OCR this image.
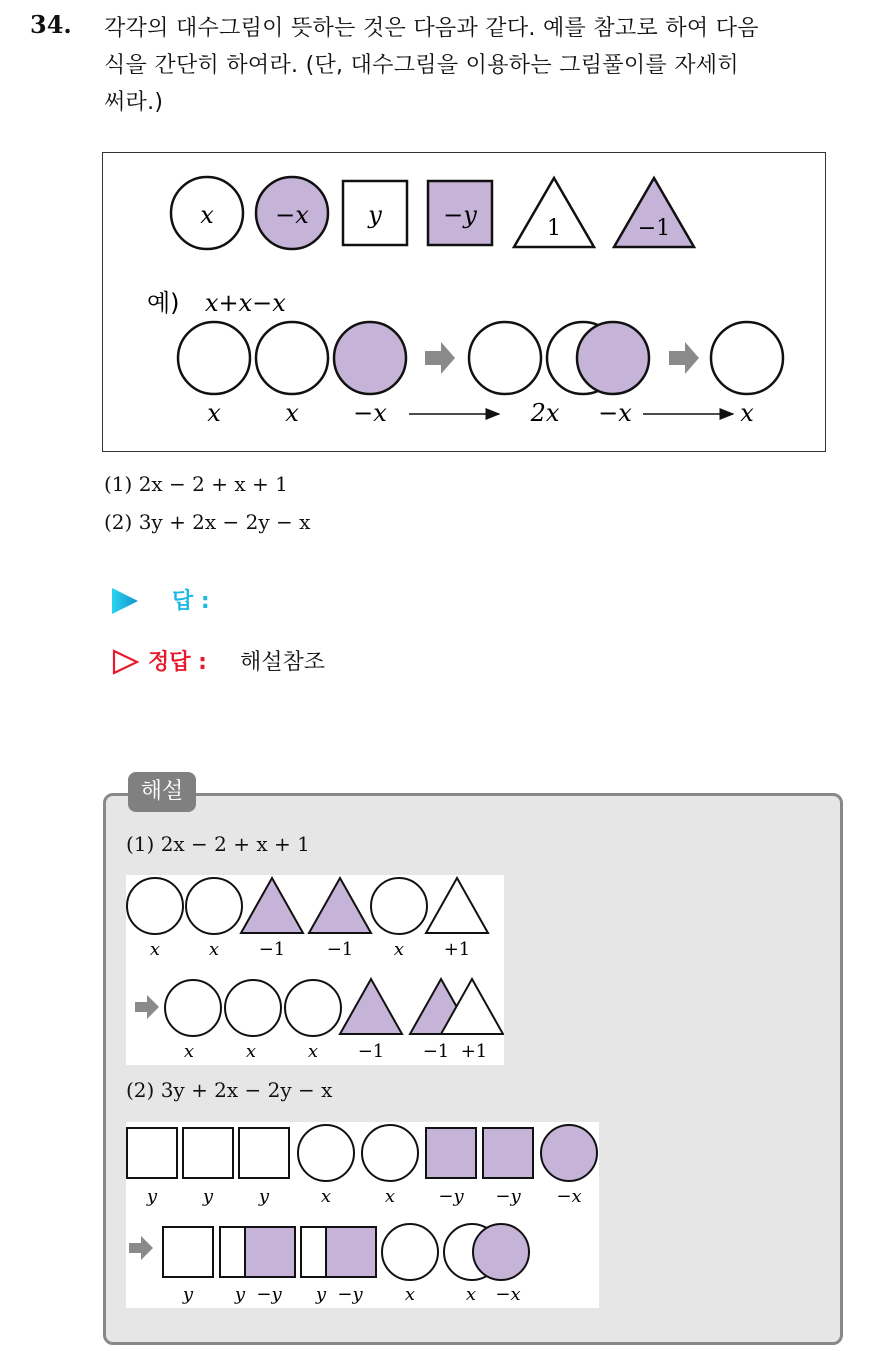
34. 각각의 대수그림이 뜻하는 것은 다음과 같다. 예를 참고로 하여 다음
식을 간단히 하여라. (단, 대수그림을 이용하는 그림풀이를 자세히
써라.)
x	−x y	−y	1	−1
예) x+x−x
x	x −x	2x −x	x
(1) 2x − 2 + x + 1
(2) 3y + 2x − 2y − x
답 :
정답 : 해설참조
해설
(1) 2x − 2 + x + 1
x	x −1 −1 x +1
x	x	x −1 −1 +1
(2) 3y + 2x − 2y − x
y	y	y	x	x −y −y −x
y y −y y −y x	x −x
